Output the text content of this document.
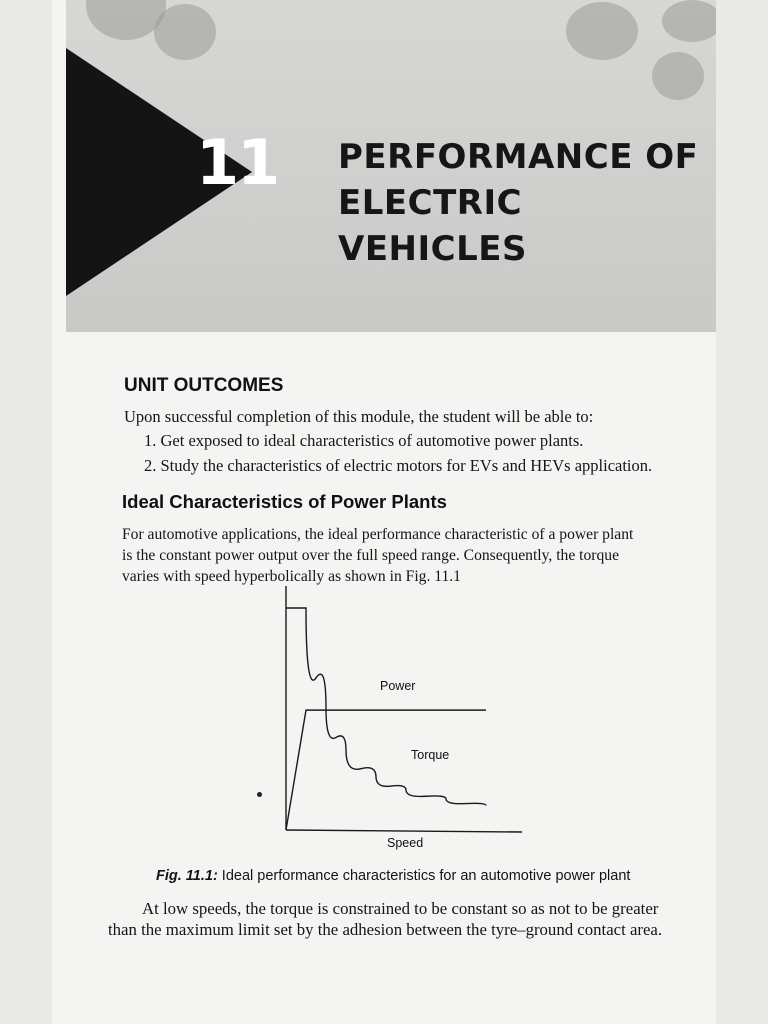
11 PERFORMANCE OF
ELECTRIC VEHICLES
UNIT OUTCOMES
Upon successful completion of this module, the student will be able to:
1. Get exposed to ideal characteristics of automotive power plants.
2. Study the characteristics of electric motors for EVs and HEVs application.
Ideal Characteristics of Power Plants
For automotive applications, the ideal performance characteristic of a power plant
is the constant power output over the full speed range. Consequently, the torque
varies with speed hyperbolically as shown in Fig. 11.1
Power
Torque
Speed
Fig. 11.1: Ideal performance characteristics for an automotive power plant
At low speeds, the torque is constrained to be constant so as not to be greater
than the maximum limit set by the adhesion between the tyre–ground contact area.
